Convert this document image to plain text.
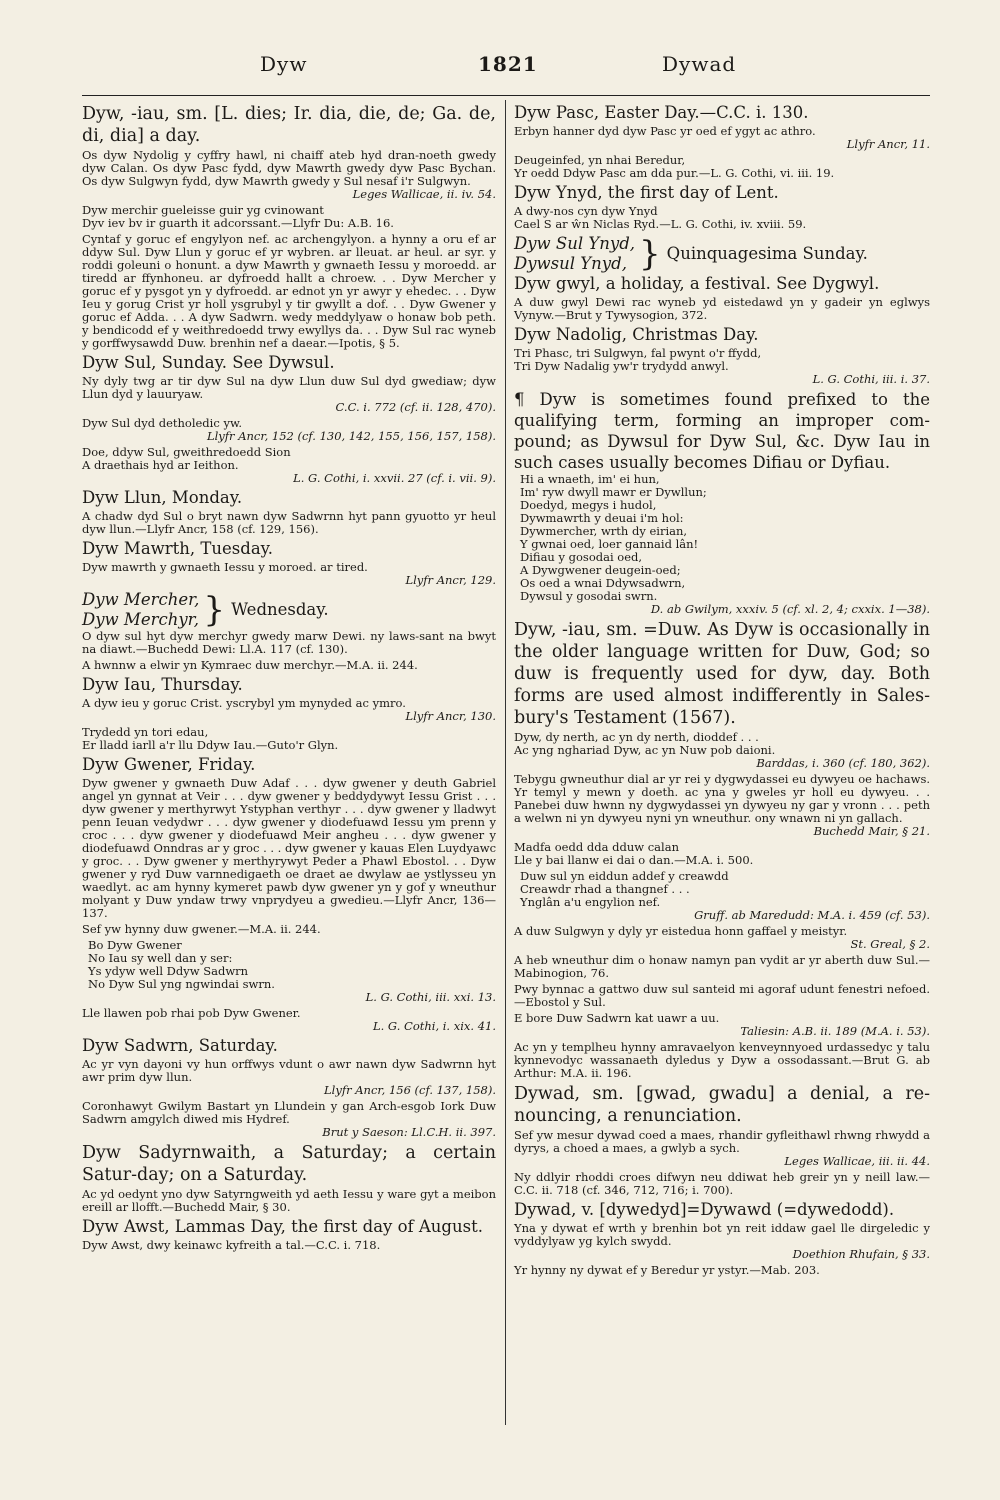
Dyw	1821	Dywad
Dyw, -iau, sm. [L. dies; Ir. dia, die, de; Ga. de, di, dia] a day.
Os dyw Nydolig y cyffry hawl, ni chaiff ateb hyd dran-noeth gwedy dyw Calan. Os dyw Pasc fydd, dyw Mawrth gwedy dyw Pasc Bychan. Os dyw Sulgwyn fydd, dyw Mawrth gwedy y Sul nesaf i'r Sulgwyn.
Leges Wallicae, ii. iv. 54.
Dyw merchir gueleisse guir yg cvinowant
Dyv iev bv ir guarth it adcorssant.—Llyfr Du: A.B. 16.
Cyntaf y goruc ef engylyon nef. ac archengylyon. a hynny a oru ef ar ddyw Sul. Dyw Llun y goruc ef yr wybren. ar lleuat. ar heul. ar syr. y roddi goleuni o honunt. a dyw Mawrth y gwnaeth Iessu y moroedd. ar tiredd ar ffynhoneu. ar dyfroedd hallt a chroew. . . Dyw Mercher y goruc ef y pysgot yn y dyfroedd. ar ednot yn yr awyr y ehedec. . . Dyw Ieu y gorug Crist yr holl ysgrubyl y tir gwyllt a dof. . . Dyw Gwener y goruc ef Adda. . . A dyw Sadwrn. wedy meddylyaw o honaw bob peth. y bendicodd ef y weithredoedd trwy ewyllys da. . . Dyw Sul rac wyneb y gorffwysawdd Duw. brenhin nef a daear.—Ipotis, § 5.
Dyw Sul, Sunday. See Dywsul.
Ny dyly twg ar tir dyw Sul na dyw Llun duw Sul dyd gwediaw; dyw Llun dyd y lauuryaw.
C.C. i. 772 (cf. ii. 128, 470).
Dyw Sul dyd detholedic yw.
Llyfr Ancr, 152 (cf. 130, 142, 155, 156, 157, 158).
Doe, ddyw Sul, gweithredoedd Sion
A draethais hyd ar Ieithon.
L. G. Cothi, i. xxvii. 27 (cf. i. vii. 9).
Dyw Llun, Monday.
A chadw dyd Sul o bryt nawn dyw Sadwrnn hyt pann gyuotto yr heul dyw llun.—Llyfr Ancr, 158 (cf. 129, 156).
Dyw Mawrth, Tuesday.
Dyw mawrth y gwnaeth Iessu y moroed. ar tired.
Llyfr Ancr, 129.
Dyw Mercher,
Dyw Merchyr, } Wednesday.
O dyw sul hyt dyw merchyr gwedy marw Dewi. ny laws-sant na bwyt na diawt.—Buchedd Dewi: Ll.A. 117 (cf. 130).
A hwnnw a elwir yn Kymraec duw merchyr.—M.A. ii. 244.
Dyw Iau, Thursday.
A dyw ieu y goruc Crist. yscrybyl ym mynyded ac ymro.
Llyfr Ancr, 130.
Trydedd yn tori edau,
Er lladd iarll a'r llu Ddyw Iau.—Guto'r Glyn.
Dyw Gwener, Friday.
Dyw gwener y gwnaeth Duw Adaf . . . dyw gwener y deuth Gabriel angel yn gynnat at Veir . . . dyw gwener y beddydywyt Iessu Grist . . . dyw gwener y merthyrwyt Ystyphan verthyr . . . dyw gwener y lladwyt penn Ieuan vedydwr . . . dyw gwener y diodefuawd Iessu ym prenn y croc . . . dyw gwener y diodefuawd Meir angheu . . . dyw gwener y diodefuawd Onndras ar y groc . . . dyw gwener y kauas Elen Luydyawc y groc. . . Dyw gwener y merthyrywyt Peder a Phawl Ebostol. . . Dyw gwener y ryd Duw varnnedigaeth oe draet ae dwylaw ae ystlysseu yn waedlyt. ac am hynny kymeret pawb dyw gwener yn y gof y wneuthur molyant y Duw yndaw trwy vnprydyeu a gwedieu.—Llyfr Ancr, 136—137.
Sef yw hynny duw gwener.—M.A. ii. 244.
Bo Dyw Gwener
No Iau sy well dan y ser:
Ys ydyw well Ddyw Sadwrn
No Dyw Sul yng ngwindai swrn.
L. G. Cothi, iii. xxi. 13.
Lle llawen pob rhai pob Dyw Gwener.
L. G. Cothi, i. xix. 41.
Dyw Sadwrn, Saturday.
Ac yr vyn dayoni vy hun orffwys vdunt o awr nawn dyw Sadwrnn hyt awr prim dyw llun.
Llyfr Ancr, 156 (cf. 137, 158).
Coronhawyt Gwilym Bastart yn Llundein y gan Arch-esgob Iork Duw Sadwrn amgylch diwed mis Hydref.
Brut y Saeson: Ll.C.H. ii. 397.
Dyw Sadyrnwaith, a Saturday; a certain Satur-day; on a Saturday.
Ac yd oedynt yno dyw Satyrngweith yd aeth Iessu y ware gyt a meibon ereill ar llofft.—Buchedd Mair, § 30.
Dyw Awst, Lammas Day, the first day of August.
Dyw Awst, dwy keinawc kyfreith a tal.—C.C. i. 718.
Dyw Pasc, Easter Day.—C.C. i. 130.
Erbyn hanner dyd dyw Pasc yr oed ef ygyt ac athro.
Llyfr Ancr, 11.
Deugeinfed, yn nhai Beredur,
Yr oedd Ddyw Pasc am dda pur.—L. G. Cothi, vi. iii. 19.
Dyw Ynyd, the first day of Lent.
A dwy-nos cyn dyw Ynyd
Cael S ar ŵn Niclas Ryd.—L. G. Cothi, iv. xviii. 59.
Dyw Sul Ynyd,
Dywsul Ynyd, } Quinquagesima Sunday.
Dyw gwyl, a holiday, a festival. See Dygwyl.
A duw gwyl Dewi rac wyneb yd eistedawd yn y gadeir yn eglwys Vynyw.—Brut y Tywysogion, 372.
Dyw Nadolig, Christmas Day.
Tri Phasc, tri Sulgwyn, fal pwynt o'r ffydd,
Tri Dyw Nadalig yw'r trydydd anwyl.
L. G. Cothi, iii. i. 37.
¶ Dyw is sometimes found prefixed to the qualifying term, forming an improper com-pound; as Dywsul for Dyw Sul, &c. Dyw Iau in such cases usually becomes Difiau or Dyfiau.
Hi a wnaeth, im' ei hun,
Im' ryw dwyll mawr er Dywllun;
Doedyd, megys i hudol,
Dywmawrth y deuai i'm hol:
Dywmercher, wrth dy eirian,
Y gwnai oed, loer gannaid lân!
Difiau y gosodai oed,
A Dywgwener deugein-oed;
Os oed a wnai Ddywsadwrn,
Dywsul y gosodai swrn.
D. ab Gwilym, xxxiv. 5 (cf. xl. 2, 4; cxxix. 1—38).
Dyw, -iau, sm. =Duw. As Dyw is occasionally in the older language written for Duw, God; so duw is frequently used for dyw, day. Both forms are used almost indifferently in Sales-bury's Testament (1567).
Dyw, dy nerth, ac yn dy nerth, dioddef . . .
Ac yng nghariad Dyw, ac yn Nuw pob daioni.
Barddas, i. 360 (cf. 180, 362).
Tebygu gwneuthur dial ar yr rei y dygwydassei eu dywyeu oe hachaws. Yr temyl y mewn y doeth. ac yna y gweles yr holl eu dywyeu. . . Panebei duw hwnn ny dygwydassei yn dywyeu ny gar y vronn . . . peth a welwn ni yn dywyeu nyni yn wneuthur. ony wnawn ni yn gallach.
Buchedd Mair, § 21.
Madfa oedd dda dduw calan
Lle y bai llanw ei dai o dan.—M.A. i. 500.
Duw sul yn eiddun addef y creawdd
Creawdr rhad a thangnef . . .
Ynglân a'u engylion nef.
Gruff. ab Maredudd: M.A. i. 459 (cf. 53).
A duw Sulgwyn y dyly yr eistedua honn gaffael y meistyr.
St. Greal, § 2.
A heb wneuthur dim o honaw namyn pan vydit ar yr aberth duw Sul.—Mabinogion, 76.
Pwy bynnac a gattwo duw sul santeid mi agoraf udunt fenestri nefoed.—Ebostol y Sul.
E bore Duw Sadwrn kat uawr a uu.
Taliesin: A.B. ii. 189 (M.A. i. 53).
Ac yn y templheu hynny amravaelyon kenveynnyoed urdassedyc y talu kynnevodyc wassanaeth dyledus y Dyw a ossodassant.—Brut G. ab Arthur: M.A. ii. 196.
Dywad, sm. [gwad, gwadu] a denial, a re-nouncing, a renunciation.
Sef yw mesur dywad coed a maes, rhandir gyfleithawl rhwng rhwydd a dyrys, a choed a maes, a gwlyb a sych.
Leges Wallicae, iii. ii. 44.
Ny ddlyir rhoddi croes difwyn neu ddiwat heb greir yn y neill law.—C.C. ii. 718 (cf. 346, 712, 716; i. 700).
Dywad, v. [dywedyd]=Dywawd (=dywedodd).
Yna y dywat ef wrth y brenhin bot yn reit iddaw gael lle dirgeledic y vyddylyaw yg kylch swydd.
Doethion Rhufain, § 33.
Yr hynny ny dywat ef y Beredur yr ystyr.—Mab. 203.
